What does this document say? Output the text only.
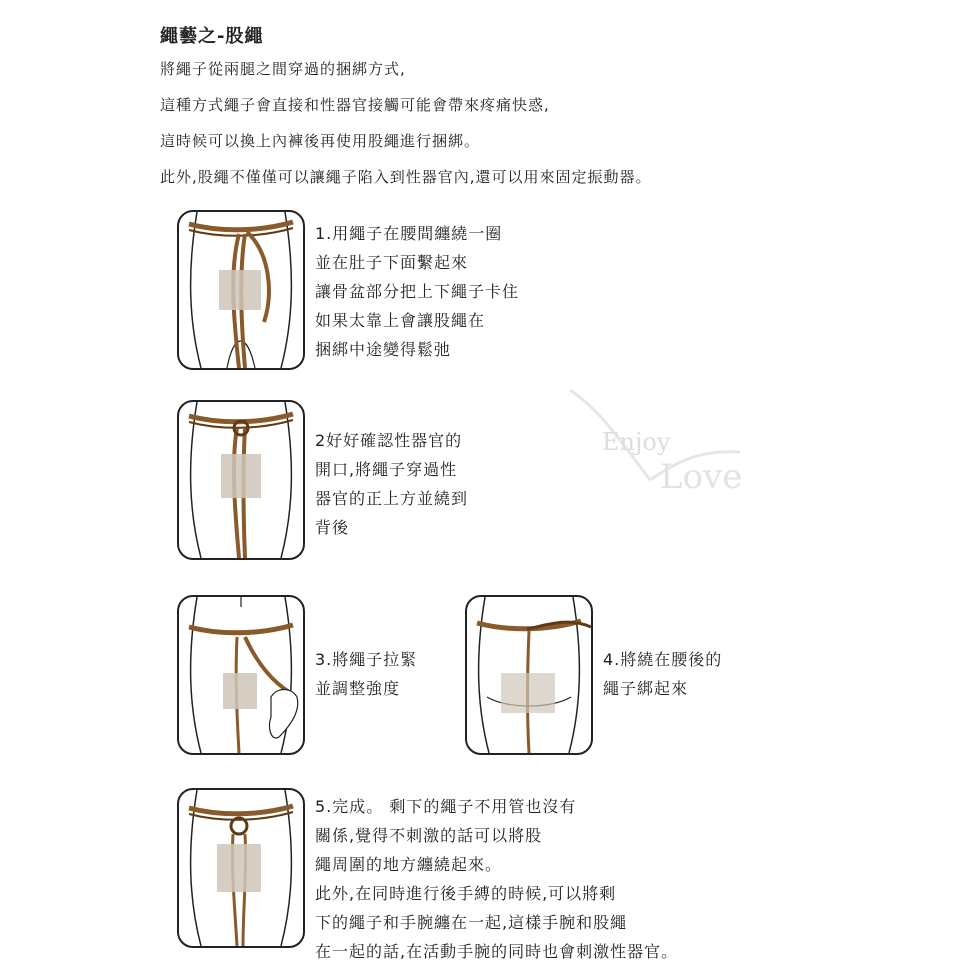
繩藝之-股繩
將繩子從兩腿之間穿過的捆綁方式,
這種方式繩子會直接和性器官接觸可能會帶來疼痛快惑,
這時候可以換上內褲後再使用股繩進行捆綁。
此外,股繩不僅僅可以讓繩子陷入到性器官內,還可以用來固定振動器。
1.用繩子在腰間纏繞一圈
並在肚子下面繫起來
讓骨盆部分把上下繩子卡住
如果太靠上會讓股繩在
捆綁中途變得鬆弛
2好好確認性器官的
開口,將繩子穿過性
器官的正上方並繞到
背後
Enjoy
Love
3.將繩子拉緊
並調整強度
4.將繞在腰後的
繩子綁起來
5.完成。 剩下的繩子不用管也沒有
關係,覺得不刺激的話可以將股
繩周圍的地方纏繞起來。
此外,在同時進行後手縛的時候,可以將剩
下的繩子和手腕纏在一起,這樣手腕和股繩
在一起的話,在活動手腕的同時也會刺激性器官。
